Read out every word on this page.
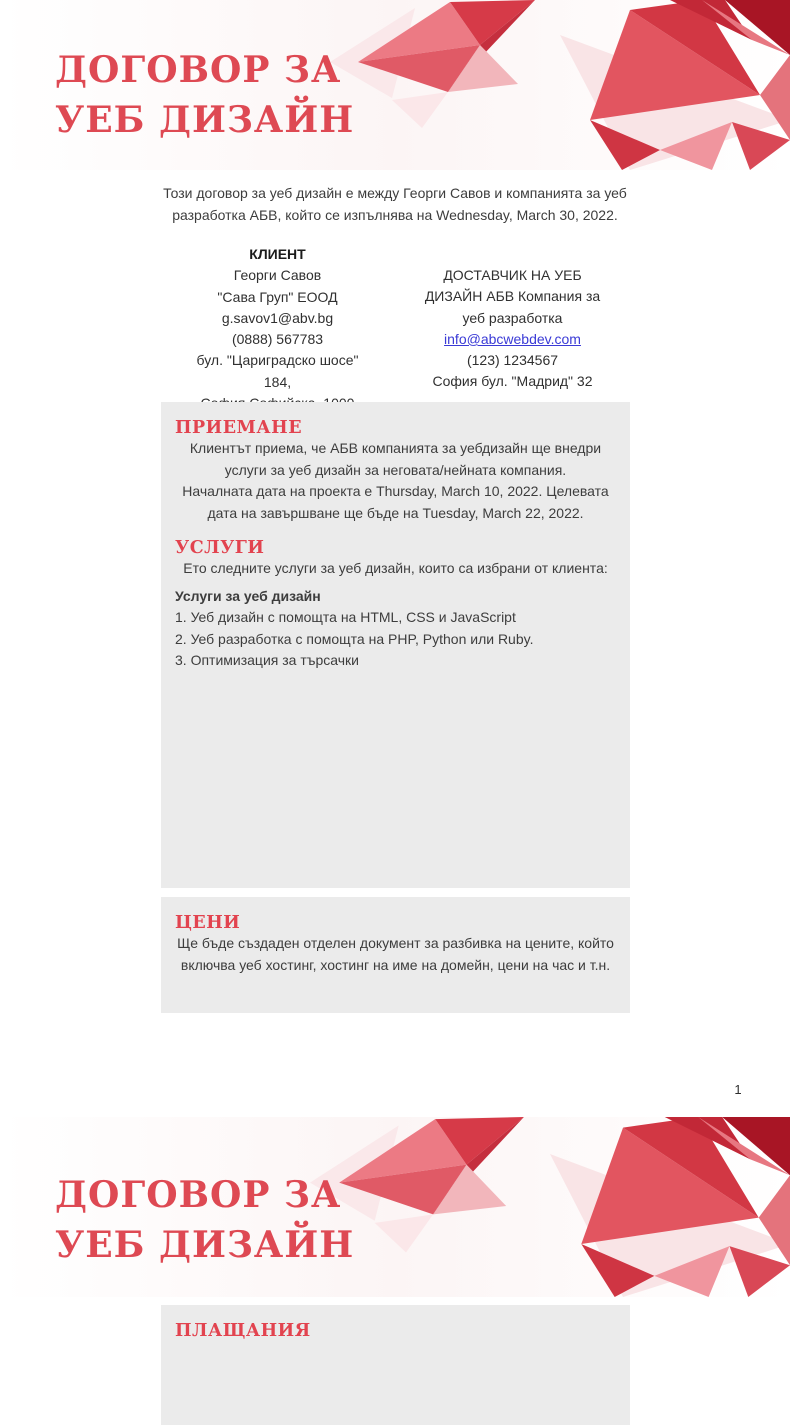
ДОГОВОР ЗА
УЕБ ДИЗАЙН
Този договор за уеб дизайн е между Георги Савов и компанията за уеб разработка АБВ, който се изпълнява на Wednesday, March 30, 2022.
КЛИЕНТ
Георги Савов
"Сава Груп" ЕООД
g.savov1@abv.bg
(0888) 567783
бул. "Цариградско шосе"
184,
ДОСТАВЧИК НА УЕБ
ДИЗАЙН АБВ Компания за
уеб разработка
info@abcwebdev.com
(123) 1234567
София бул. "Мадрид" 32
ПРИЕМАНЕ

Клиентът приема, че АБВ компанията за уебдизайн ще внедри услуги за уеб дизайн за неговата/нейната компания.

Началната дата на проекта е Thursday, March 10, 2022. Целевата дата на завършване ще бъде на Tuesday, March 22, 2022.

УСЛУГИ

Ето следните услуги за уеб дизайн, които са избрани от клиента:

Услуги за уеб дизайн

1. Уеб дизайн с помощта на HTML, CSS и JavaScript

2. Уеб разработка с помощта на PHP, Python или Ruby.

3. Оптимизация за търсачки

ЦЕНИ

Ще бъде създаден отделен документ за разбивка на цените, който включва уеб хостинг, хостинг на име на домейн, цени на час и т.н.

1
ДОГОВОР ЗА
УЕБ ДИЗАЙН
ПЛАЩАНИЯ
